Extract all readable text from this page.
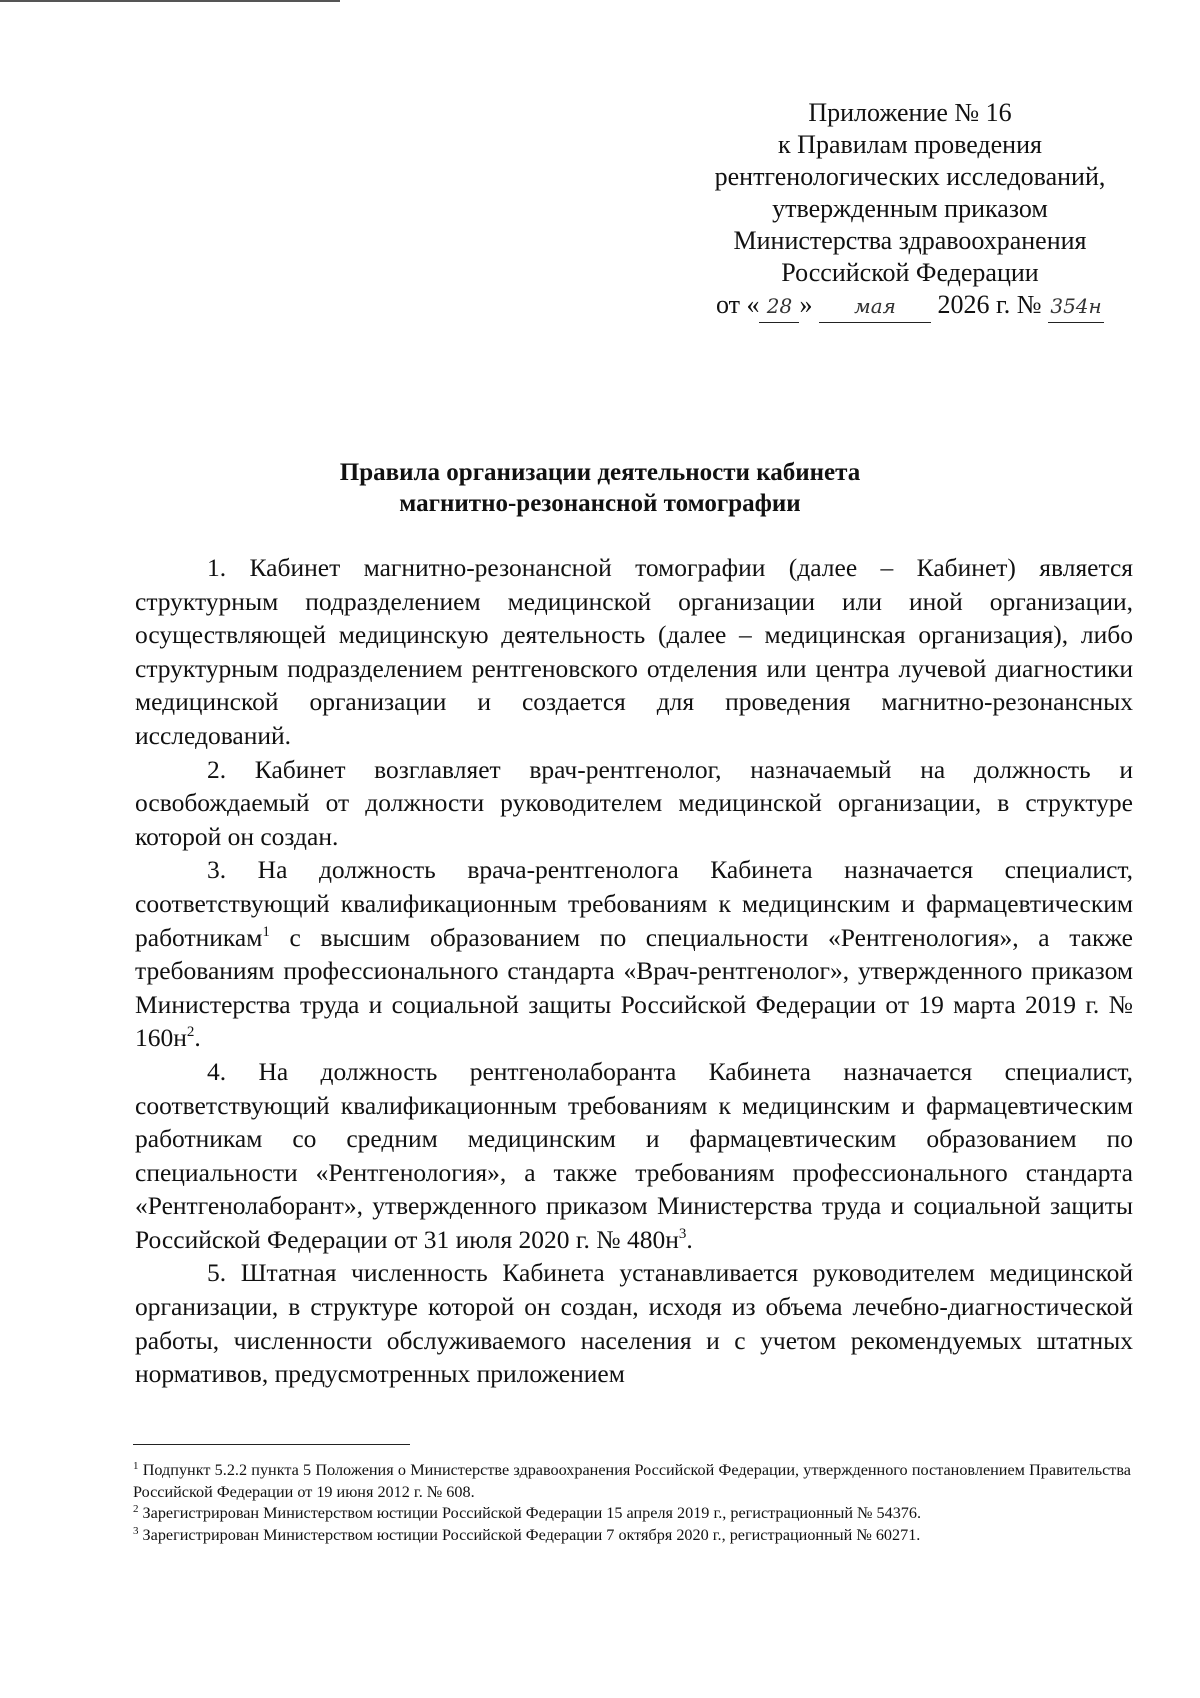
Приложение № 16
к Правилам проведения
рентгенологических исследований,
утвержденным приказом
Министерства здравоохранения
Российской Федерации
от « 28 » мая 2026 г. № 354н
Правила организации деятельности кабинета
магнитно-резонансной томографии

1. Кабинет магнитно-резонансной томографии (далее – Кабинет) является структурным подразделением медицинской организации или иной организации, осуществляющей медицинскую деятельность (далее – медицинская организация), либо структурным подразделением рентгеновского отделения или центра лучевой диагностики медицинской организации и создается для проведения магнитно-резонансных исследований.

2. Кабинет возглавляет врач-рентгенолог, назначаемый на должность и освобождаемый от должности руководителем медицинской организации, в структуре которой он создан.

3. На должность врача-рентгенолога Кабинета назначается специалист, соответствующий квалификационным требованиям к медицинским и фармацевтическим работникам$^1$ с высшим образованием по специальности «Рентгенология», а также требованиям профессионального стандарта «Врач-рентгенолог», утвержденного приказом Министерства труда и социальной защиты Российской Федерации от 19 марта 2019 г. № $160н^2$.

4. На должность рентгенолаборанта Кабинета назначается специалист, соответствующий квалификационным требованиям к медицинским и фармацевтическим работникам со средним медицинским и фармацевтическим образованием по специальности «Рентгенология», а также требованиям профессионального стандарта «Рентгенолаборант», утвержденного приказом Министерства труда и социальной защиты Российской Федерации от 31 июля 2020 г. № $480н^3$.

5. Штатная численность Кабинета устанавливается руководителем медицинской организации, в структуре которой он создан, исходя из объема лечебно-диагностической работы, численности обслуживаемого населения и с учетом рекомендуемых штатных нормативов, предусмотренных приложением

$^1$ Подпункт 5.2.2 пункта 5 Положения о Министерстве здравоохранения Российской Федерации, утвержденного постановлением Правительства Российской Федерации от 19 июня 2012 г. № 608.

$^2$ Зарегистрирован Министерством юстиции Российской Федерации 15 апреля 2019 г., регистрационный № 54376.

$^3$ Зарегистрирован Министерством юстиции Российской Федерации 7 октября 2020 г., регистрационный № 60271.
